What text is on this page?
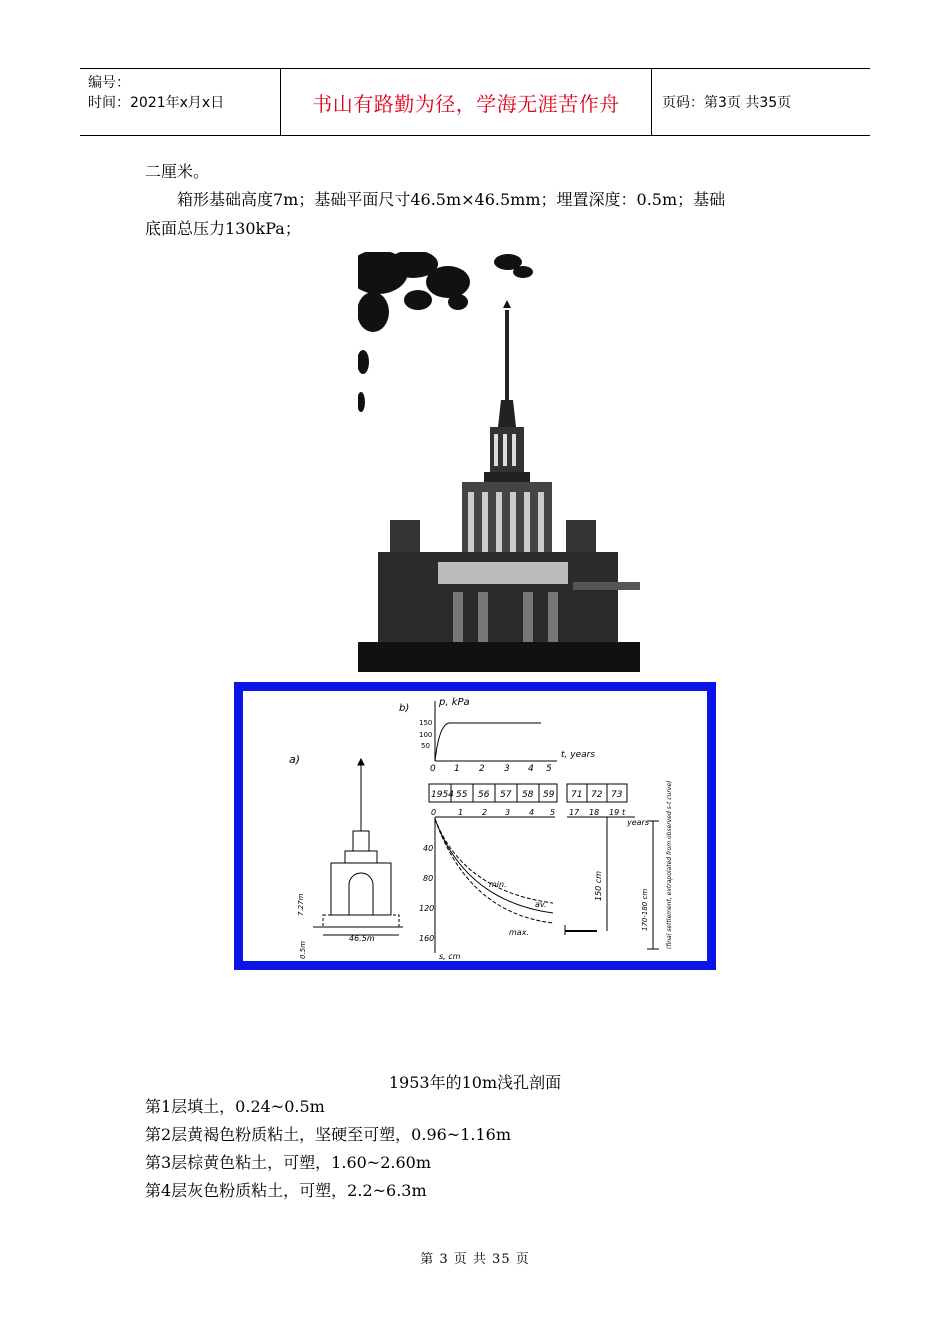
编号：
时间：2021年x月x日	书山有路勤为径，学海无涯苦作舟	页码：第3页 共35页
二厘米。
箱形基础高度7m；基础平面尺寸46.5m×46.5mm；埋置深度：0.5m；基础
底面总压力130kPa；
a)
46.5m
7.27m
0.5m
b)
p, kPa
150
100
50
t, years
0 1 2 3 4 5
1954 55 56 57 58 59 71 72 73
0	1 2 3 4 5 17 18 19 t
years
40
80
120
160
s, cm
min.
av.
max.
150 cm
170-180 cm	(final settlement, extrapolated from observed s-t curve)
1953年的10m浅孔剖面
第1层填土，0.24~0.5m
第2层黄褐色粉质粘土，坚硬至可塑，0.96~1.16m
第3层棕黄色粘土，可塑，1.60~2.60m
第4层灰色粉质粘土，可塑，2.2~6.3m
第 3 页 共 35 页
